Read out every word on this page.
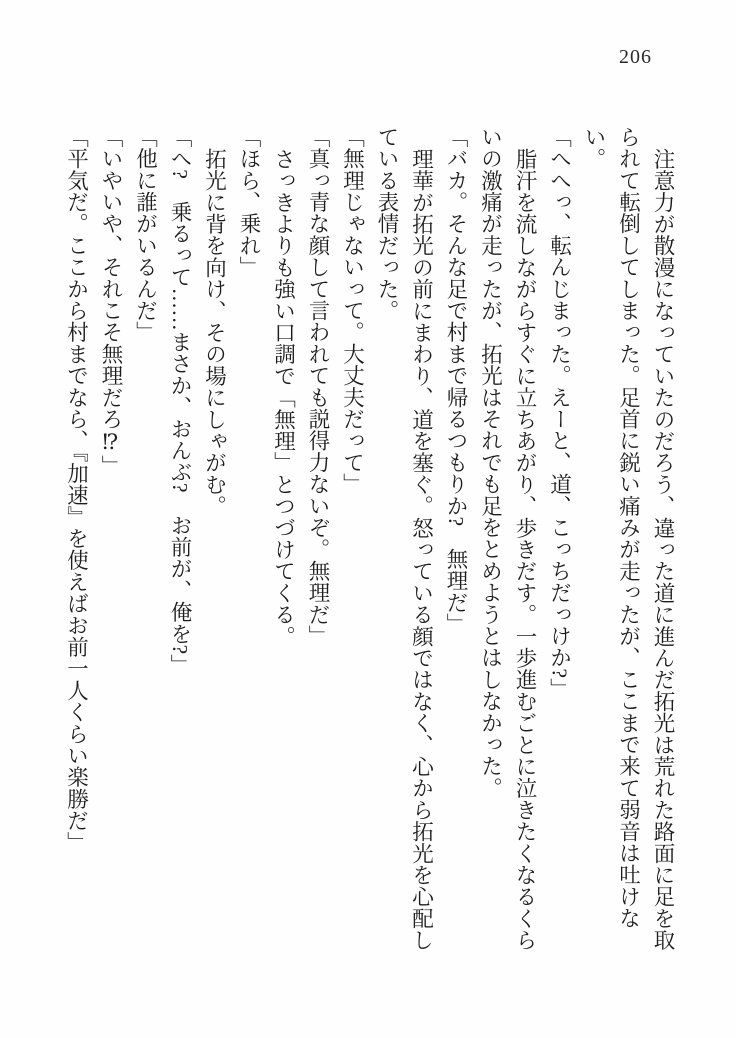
206

注意力が散漫になっていたのだろう、違った道に進んだ拓光は荒れた路面に足を取られて転倒してしまった。足首に鋭い痛みが走ったが、ここまで来て弱音は吐けない。

「へへっ、転んじまった。えーと、道、こっちだっけか?」

脂汗を流しながらすぐに立ちあがり、歩きだす。一歩進むごとに泣きたくなるくらいの激痛が走ったが、拓光はそれでも足をとめようとはしなかった。

「バカ。そんな足で村まで帰るつもりか?　無理だ」

理華が拓光の前にまわり、道を塞ぐ。怒っている顔ではなく、心から拓光を心配している表情だった。

「無理じゃないって。大丈夫だって」

「真っ青な顔して言われても説得力ないぞ。無理だ」

さっきよりも強い口調で「無理」とつづけてくる。

「ほら、乗れ」

拓光に背を向け、その場にしゃがむ。

「へ?　乗るって……まさか、おんぶ?　お前が、俺を?」

「他に誰がいるんだ」

「いやいや、それこそ無理だろ⁉」

「平気だ。ここから村までなら、『加速』を使えばお前一人くらい楽勝だ」
